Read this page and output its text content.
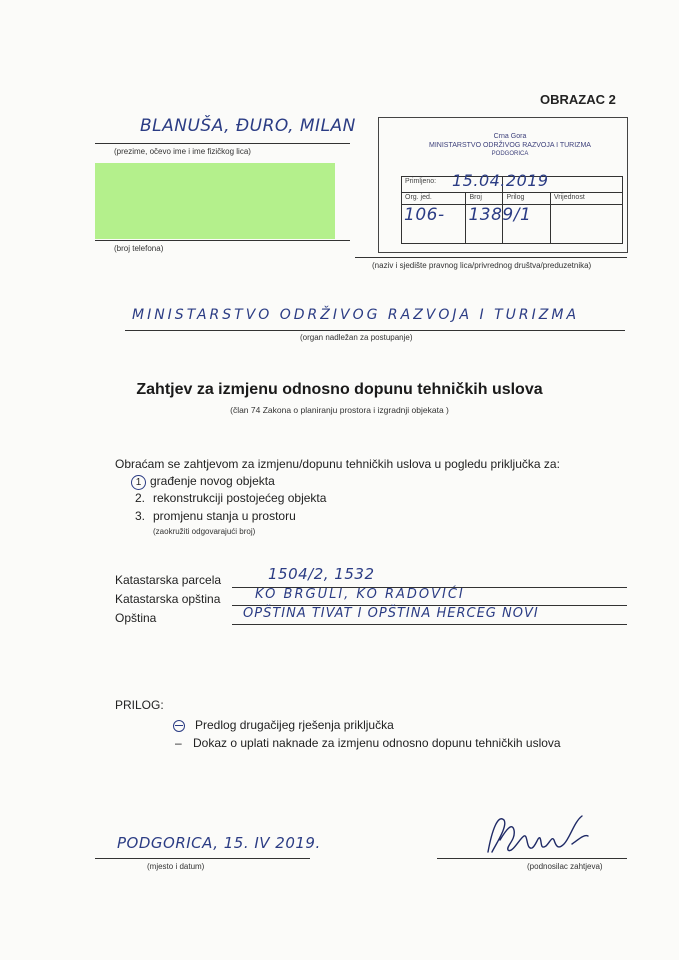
OBRAZAC 2
BLANUŠA, ĐURO, MILAN
(prezime, očevo ime i ime fizičkog lica)
(broj telefona)
Crna Gora
MINISTARSTVO ODRŽIVOG RAZVOJA I TURIZMA
PODGORICA
Primljeno: 15.04.2019			

Org. jed.	Broj	Prilog	Vrijednost

106-	1389/1		

(naziv i sjedište pravnog lica/privrednog društva/preduzetnika)
MINISTARSTVO ODRŽIVOG RAZVOJA I TURIZMA
(organ nadležan za postupanje)
Zahtjev za izmjenu odnosno dopunu tehničkih uslova
(član 74 Zakona o planiranju prostora i izgradnji objekata )
Obraćam se zahtjevom za izmjenu/dopunu tehničkih uslova u pogledu priključka za:
1 građenje novog objekta
2. rekonstrukciji postojećeg objekta
3. promjenu stanja u prostoru
(zaokružiti odgovarajući broj)
Katastarska parcela	1504/2, 1532
Katastarska opština	KO BRGULI, KO RADOVIĆI
Opština	OPŠTINA TIVAT I OPŠTINA HERCEG NOVI
PRILOG:
Predlog drugačijeg rješenja priključka
– Dokaz o uplati naknade za izmjenu odnosno dopunu tehničkih uslova
PODGORICA, 15. IV 2019.
(mjesto i datum)	(podnosilac zahtjeva)
